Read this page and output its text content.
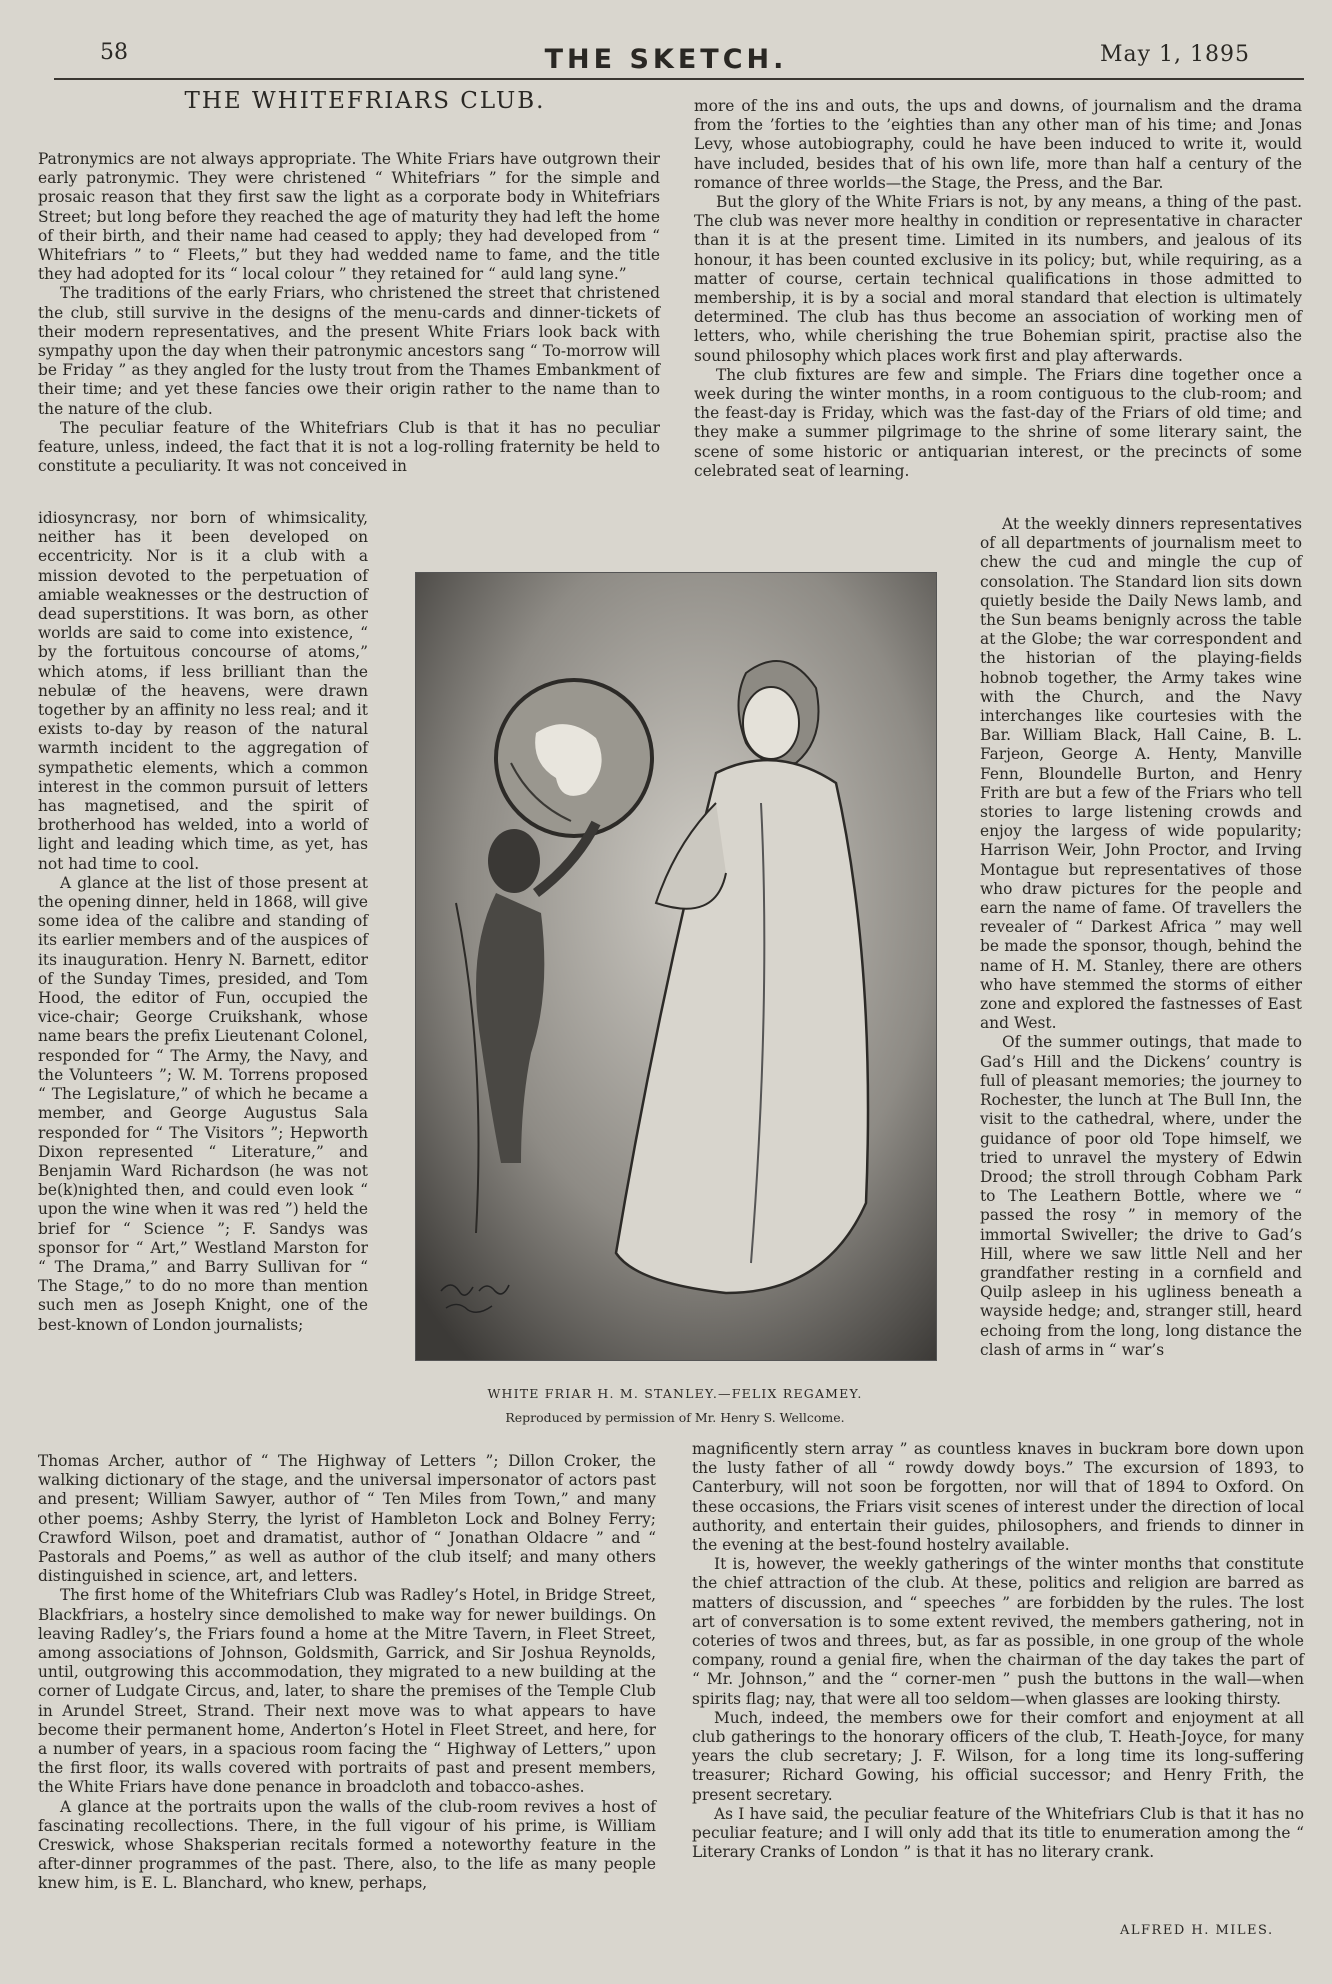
58	THE SKETCH.	May 1, 1895
THE WHITEFRIARS CLUB.

Patronymics are not always appropriate. The White Friars have outgrown their early patronymic. They were christened “ Whitefriars ” for the simple and prosaic reason that they first saw the light as a corporate body in Whitefriars Street; but long before they reached the age of maturity they had left the home of their birth, and their name had ceased to apply; they had developed from “ Whitefriars ” to “ Fleets,” but they had wedded name to fame, and the title they had adopted for its “ local colour ” they retained for “ auld lang syne.”

The traditions of the early Friars, who christened the street that christened the club, still survive in the designs of the menu-cards and dinner-tickets of their modern representatives, and the present White Friars look back with sympathy upon the day when their patronymic ancestors sang “ To-morrow will be Friday ” as they angled for the lusty trout from the Thames Embankment of their time; and yet these fancies owe their origin rather to the name than to the nature of the club.

The peculiar feature of the Whitefriars Club is that it has no peculiar feature, unless, indeed, the fact that it is not a log-rolling fraternity be held to constitute a peculiarity. It was not conceived in

idiosyncrasy, nor born of whimsicality, neither has it been developed on eccentricity. Nor is it a club with a mission devoted to the perpetuation of amiable weaknesses or the destruction of dead superstitions. It was born, as other worlds are said to come into existence, “ by the fortuitous concourse of atoms,” which atoms, if less brilliant than the nebulæ of the heavens, were drawn together by an affinity no less real; and it exists to-day by reason of the natural warmth incident to the aggregation of sympathetic elements, which a common interest in the common pursuit of letters has magnetised, and the spirit of brotherhood has welded, into a world of light and leading which time, as yet, has not had time to cool.

A glance at the list of those present at the opening dinner, held in 1868, will give some idea of the calibre and standing of its earlier members and of the auspices of its inauguration. Henry N. Barnett, editor of the Sunday Times, presided, and Tom Hood, the editor of Fun, occupied the vice-chair; George Cruikshank, whose name bears the prefix Lieutenant Colonel, responded for “ The Army, the Navy, and the Volunteers ”; W. M. Torrens proposed “ The Legislature,” of which he became a member, and George Augustus Sala responded for “ The Visitors ”; Hepworth Dixon represented “ Literature,” and Benjamin Ward Richardson (he was not be(k)nighted then, and could even look “ upon the wine when it was red ”) held the brief for “ Science ”; F. Sandys was sponsor for “ Art,” Westland Marston for “ The Drama,” and Barry Sullivan for “ The Stage,” to do no more than mention such men as Joseph Knight, one of the best-known of London journalists;

Thomas Archer, author of “ The Highway of Letters ”; Dillon Croker, the walking dictionary of the stage, and the universal impersonator of actors past and present; William Sawyer, author of “ Ten Miles from Town,” and many other poems; Ashby Sterry, the lyrist of Hambleton Lock and Bolney Ferry; Crawford Wilson, poet and dramatist, author of “ Jonathan Oldacre ” and “ Pastorals and Poems,” as well as author of the club itself; and many others distinguished in science, art, and letters.

The first home of the Whitefriars Club was Radley’s Hotel, in Bridge Street, Blackfriars, a hostelry since demolished to make way for newer buildings. On leaving Radley’s, the Friars found a home at the Mitre Tavern, in Fleet Street, among associations of Johnson, Goldsmith, Garrick, and Sir Joshua Reynolds, until, outgrowing this accommodation, they migrated to a new building at the corner of Ludgate Circus, and, later, to share the premises of the Temple Club in Arundel Street, Strand. Their next move was to what appears to have become their permanent home, Anderton’s Hotel in Fleet Street, and here, for a number of years, in a spacious room facing the “ Highway of Letters,” upon the first floor, its walls covered with portraits of past and present members, the White Friars have done penance in broadcloth and tobacco-ashes.

A glance at the portraits upon the walls of the club-room revives a host of fascinating recollections. There, in the full vigour of his prime, is William Creswick, whose Shaksperian recitals formed a noteworthy feature in the after-dinner programmes of the past. There, also, to the life as many people knew him, is E. L. Blanchard, who knew, perhaps,

more of the ins and outs, the ups and downs, of journalism and the drama from the ’forties to the ’eighties than any other man of his time; and Jonas Levy, whose autobiography, could he have been induced to write it, would have included, besides that of his own life, more than half a century of the romance of three worlds—the Stage, the Press, and the Bar.

But the glory of the White Friars is not, by any means, a thing of the past. The club was never more healthy in condition or representative in character than it is at the present time. Limited in its numbers, and jealous of its honour, it has been counted exclusive in its policy; but, while requiring, as a matter of course, certain technical qualifications in those admitted to membership, it is by a social and moral standard that election is ultimately determined. The club has thus become an association of working men of letters, who, while cherishing the true Bohemian spirit, practise also the sound philosophy which places work first and play afterwards.

The club fixtures are few and simple. The Friars dine together once a week during the winter months, in a room contiguous to the club-room; and the feast-day is Friday, which was the fast-day of the Friars of old time; and they make a summer pilgrimage to the shrine of some literary saint, the scene of some historic or antiquarian interest, or the precincts of some celebrated seat of learning.

At the weekly dinners representatives of all departments of journalism meet to chew the cud and mingle the cup of consolation. The Standard lion sits down quietly beside the Daily News lamb, and the Sun beams benignly across the table at the Globe; the war correspondent and the historian of the playing-fields hobnob together, the Army takes wine with the Church, and the Navy interchanges like courtesies with the Bar. William Black, Hall Caine, B. L. Farjeon, George A. Henty, Manville Fenn, Bloundelle Burton, and Henry Frith are but a few of the Friars who tell stories to large listening crowds and enjoy the largess of wide popularity; Harrison Weir, John Proctor, and Irving Montague but representatives of those who draw pictures for the people and earn the name of fame. Of travellers the revealer of “ Darkest Africa ” may well be made the sponsor, though, behind the name of H. M. Stanley, there are others who have stemmed the storms of either zone and explored the fastnesses of East and West.

Of the summer outings, that made to Gad’s Hill and the Dickens’ country is full of pleasant memories; the journey to Rochester, the lunch at The Bull Inn, the visit to the cathedral, where, under the guidance of poor old Tope himself, we tried to unravel the mystery of Edwin Drood; the stroll through Cobham Park to The Leathern Bottle, where we “ passed the rosy ” in memory of the immortal Swiveller; the drive to Gad’s Hill, where we saw little Nell and her grandfather resting in a cornfield and Quilp asleep in his ugliness beneath a wayside hedge; and, stranger still, heard echoing from the long, long distance the clash of arms in “ war’s

magnificently stern array ” as countless knaves in buckram bore down upon the lusty father of all “ rowdy dowdy boys.” The excursion of 1893, to Canterbury, will not soon be forgotten, nor will that of 1894 to Oxford. On these occasions, the Friars visit scenes of interest under the direction of local authority, and entertain their guides, philosophers, and friends to dinner in the evening at the best-found hostelry available.

It is, however, the weekly gatherings of the winter months that constitute the chief attraction of the club. At these, politics and religion are barred as matters of discussion, and “ speeches ” are forbidden by the rules. The lost art of conversation is to some extent revived, the members gathering, not in coteries of twos and threes, but, as far as possible, in one group of the whole company, round a genial fire, when the chairman of the day takes the part of “ Mr. Johnson,” and the “ corner-men ” push the buttons in the wall—when spirits flag; nay, that were all too seldom—when glasses are looking thirsty.

Much, indeed, the members owe for their comfort and enjoyment at all club gatherings to the honorary officers of the club, T. Heath-Joyce, for many years the club secretary; J. F. Wilson, for a long time its long-suffering treasurer; Richard Gowing, his official successor; and Henry Frith, the present secretary.

As I have said, the peculiar feature of the Whitefriars Club is that it has no peculiar feature; and I will only add that its title to enumeration among the “ Literary Cranks of London ” is that it has no literary crank.

WHITE FRIAR H. M. STANLEY.—FELIX REGAMEY.
Reproduced by permission of Mr. Henry S. Wellcome.
ALFRED H. MILES.
